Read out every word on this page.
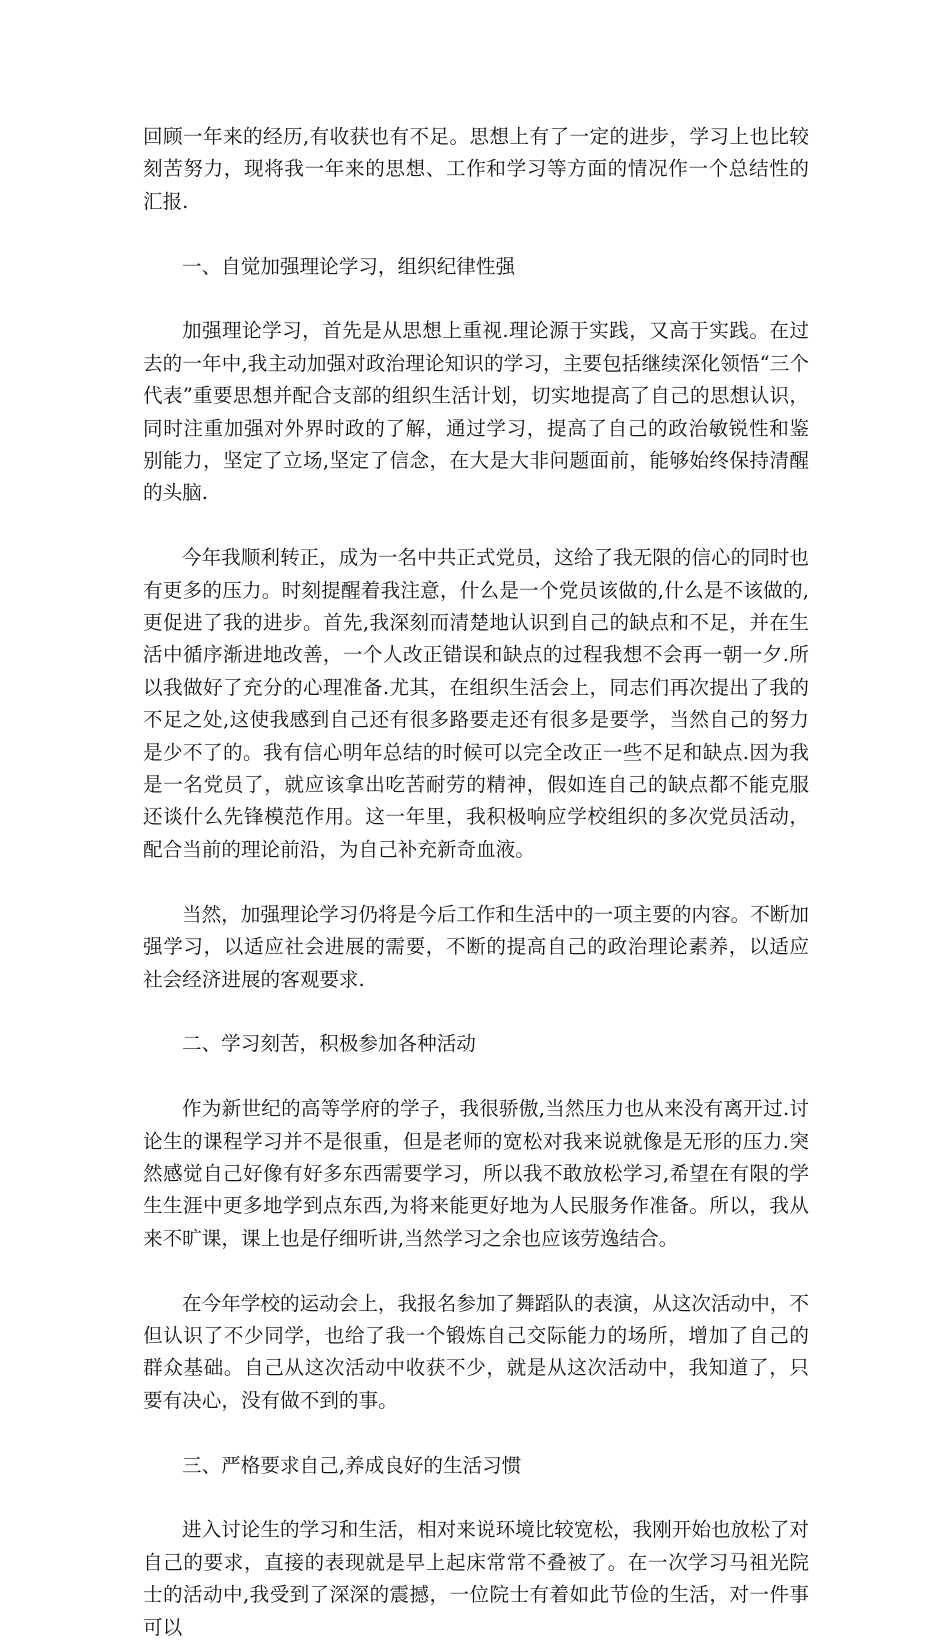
回顾一年来的经历,有收获也有不足。思想上有了一定的进步，学习上也比较刻苦努力，现将我一年来的思想、工作和学习等方面的情况作一个总结性的汇报.

一、自觉加强理论学习，组织纪律性强

加强理论学习，首先是从思想上重视.理论源于实践，又高于实践。在过去的一年中,我主动加强对政治理论知识的学习，主要包括继续深化领悟“三个代表”重要思想并配合支部的组织生活计划，切实地提高了自己的思想认识，同时注重加强对外界时政的了解，通过学习，提高了自己的政治敏锐性和鉴别能力，坚定了立场,坚定了信念，在大是大非问题面前，能够始终保持清醒的头脑.

今年我顺利转正，成为一名中共正式党员，这给了我无限的信心的同时也有更多的压力。时刻提醒着我注意，什么是一个党员该做的,什么是不该做的,更促进了我的进步。首先,我深刻而清楚地认识到自己的缺点和不足，并在生活中循序渐进地改善，一个人改正错误和缺点的过程我想不会再一朝一夕.所以我做好了充分的心理准备.尤其，在组织生活会上，同志们再次提出了我的不足之处,这使我感到自己还有很多路要走还有很多是要学，当然自己的努力是少不了的。我有信心明年总结的时候可以完全改正一些不足和缺点.因为我是一名党员了，就应该拿出吃苦耐劳的精神，假如连自己的缺点都不能克服还谈什么先锋模范作用。这一年里，我积极响应学校组织的多次党员活动，配合当前的理论前沿，为自己补充新奇血液。

当然，加强理论学习仍将是今后工作和生活中的一项主要的内容。不断加强学习，以适应社会进展的需要，不断的提高自己的政治理论素养，以适应社会经济进展的客观要求.

二、学习刻苦，积极参加各种活动

作为新世纪的高等学府的学子，我很骄傲,当然压力也从来没有离开过.讨论生的课程学习并不是很重，但是老师的宽松对我来说就像是无形的压力.突然感觉自己好像有好多东西需要学习，所以我不敢放松学习,希望在有限的学生生涯中更多地学到点东西,为将来能更好地为人民服务作准备。所以，我从来不旷课，课上也是仔细听讲,当然学习之余也应该劳逸结合。

在今年学校的运动会上，我报名参加了舞蹈队的表演，从这次活动中，不但认识了不少同学，也给了我一个锻炼自己交际能力的场所，增加了自己的群众基础。自己从这次活动中收获不少，就是从这次活动中，我知道了，只要有决心，没有做不到的事。

三、严格要求自己,养成良好的生活习惯

进入讨论生的学习和生活，相对来说环境比较宽松，我刚开始也放松了对自己的要求，直接的表现就是早上起床常常不叠被了。在一次学习马祖光院士的活动中,我受到了深深的震撼，一位院士有着如此节俭的生活，对一件事可以
